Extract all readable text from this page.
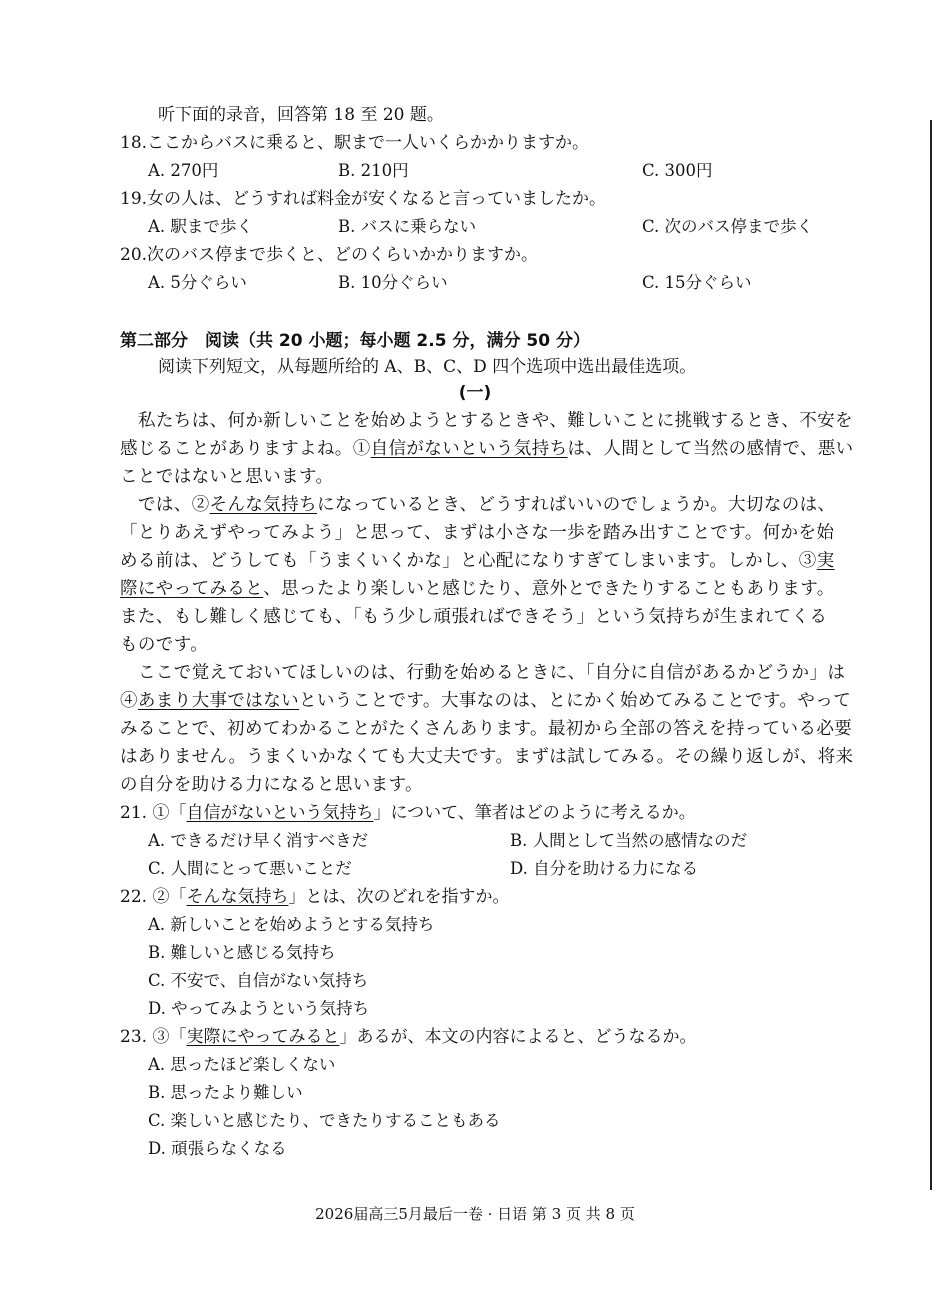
听下面的录音，回答第 18 至 20 题。
18.ここからバスに乗ると、駅まで一人いくらかかりますか。
A. 270円	B. 210円	C. 300円
19.女の人は、どうすれば料金が安くなると言っていましたか。
A. 駅まで歩く	B. バスに乗らない	C. 次のバス停まで歩く
20.次のバス停まで歩くと、どのくらいかかりますか。
A. 5分ぐらい	B. 10分ぐらい	C. 15分ぐらい
第二部分　阅读（共 20 小题；每小题 2.5 分，满分 50 分）
阅读下列短文，从每题所给的 A、B、C、D 四个选项中选出最佳选项。
(一)
私たちは、何か新しいことを始めようとするときや、難しいことに挑戦するとき、不安を
感じることがありますよね。①自信がないという気持ちは、人間として当然の感情で、悪い
ことではないと思います。
では、②そんな気持ちになっているとき、どうすればいいのでしょうか。大切なのは、
「とりあえずやってみよう」と思って、まずは小さな一歩を踏み出すことです。何かを始
める前は、どうしても「うまくいくかな」と心配になりすぎてしまいます。しかし、③実
際にやってみると、思ったより楽しいと感じたり、意外とできたりすることもあります。
また、もし難しく感じても、「もう少し頑張ればできそう」という気持ちが生まれてくる
ものです。
ここで覚えておいてほしいのは、行動を始めるときに、「自分に自信があるかどうか」は
④あまり大事ではないということです。大事なのは、とにかく始めてみることです。やって
みることで、初めてわかることがたくさんあります。最初から全部の答えを持っている必要
はありません。うまくいかなくても大丈夫です。まずは試してみる。その繰り返しが、将来
の自分を助ける力になると思います。
21. ①「自信がないという気持ち」について、筆者はどのように考えるか。
A. できるだけ早く消すべきだ	B. 人間として当然の感情なのだ
C. 人間にとって悪いことだ	D. 自分を助ける力になる
22. ②「そんな気持ち」とは、次のどれを指すか。
A. 新しいことを始めようとする気持ち
B. 難しいと感じる気持ち
C. 不安で、自信がない気持ち
D. やってみようという気持ち
23. ③「実際にやってみると」あるが、本文の内容によると、どうなるか。
A. 思ったほど楽しくない
B. 思ったより難しい
C. 楽しいと感じたり、できたりすることもある
D. 頑張らなくなる
2026届高三5月最后一卷 · 日语 第 3 页 共 8 页
